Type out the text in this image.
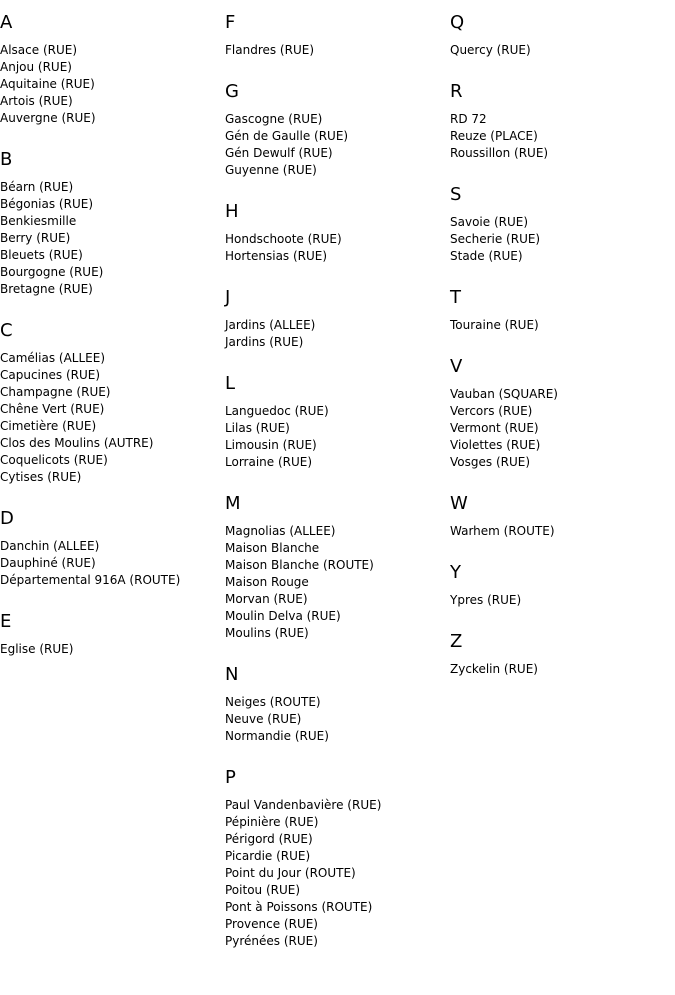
A
Alsace (RUE)
Anjou (RUE)
Aquitaine (RUE)
Artois (RUE)
Auvergne (RUE)
B
Béarn (RUE)
Bégonias (RUE)
Benkiesmille
Berry (RUE)
Bleuets (RUE)
Bourgogne (RUE)
Bretagne (RUE)
C
Camélias (ALLEE)
Capucines (RUE)
Champagne (RUE)
Chêne Vert (RUE)
Cimetière (RUE)
Clos des Moulins (AUTRE)
Coquelicots (RUE)
Cytises (RUE)
D
Danchin (ALLEE)
Dauphiné (RUE)
Départemental 916A (ROUTE)
E
Eglise (RUE)
F
Flandres (RUE)
G
Gascogne (RUE)
Gén de Gaulle (RUE)
Gén Dewulf (RUE)
Guyenne (RUE)
H
Hondschoote (RUE)
Hortensias (RUE)
J
Jardins (ALLEE)
Jardins (RUE)
L
Languedoc (RUE)
Lilas (RUE)
Limousin (RUE)
Lorraine (RUE)
M
Magnolias (ALLEE)
Maison Blanche
Maison Blanche (ROUTE)
Maison Rouge
Morvan (RUE)
Moulin Delva (RUE)
Moulins (RUE)
N
Neiges (ROUTE)
Neuve (RUE)
Normandie (RUE)
P
Paul Vandenbavière (RUE)
Pépinière (RUE)
Périgord (RUE)
Picardie (RUE)
Point du Jour (ROUTE)
Poitou (RUE)
Pont à Poissons (ROUTE)
Provence (RUE)
Pyrénées (RUE)
Q
Quercy (RUE)
R
RD 72
Reuze (PLACE)
Roussillon (RUE)
S
Savoie (RUE)
Secherie (RUE)
Stade (RUE)
T
Touraine (RUE)
V
Vauban (SQUARE)
Vercors (RUE)
Vermont (RUE)
Violettes (RUE)
Vosges (RUE)
W
Warhem (ROUTE)
Y
Ypres (RUE)
Z
Zyckelin (RUE)
